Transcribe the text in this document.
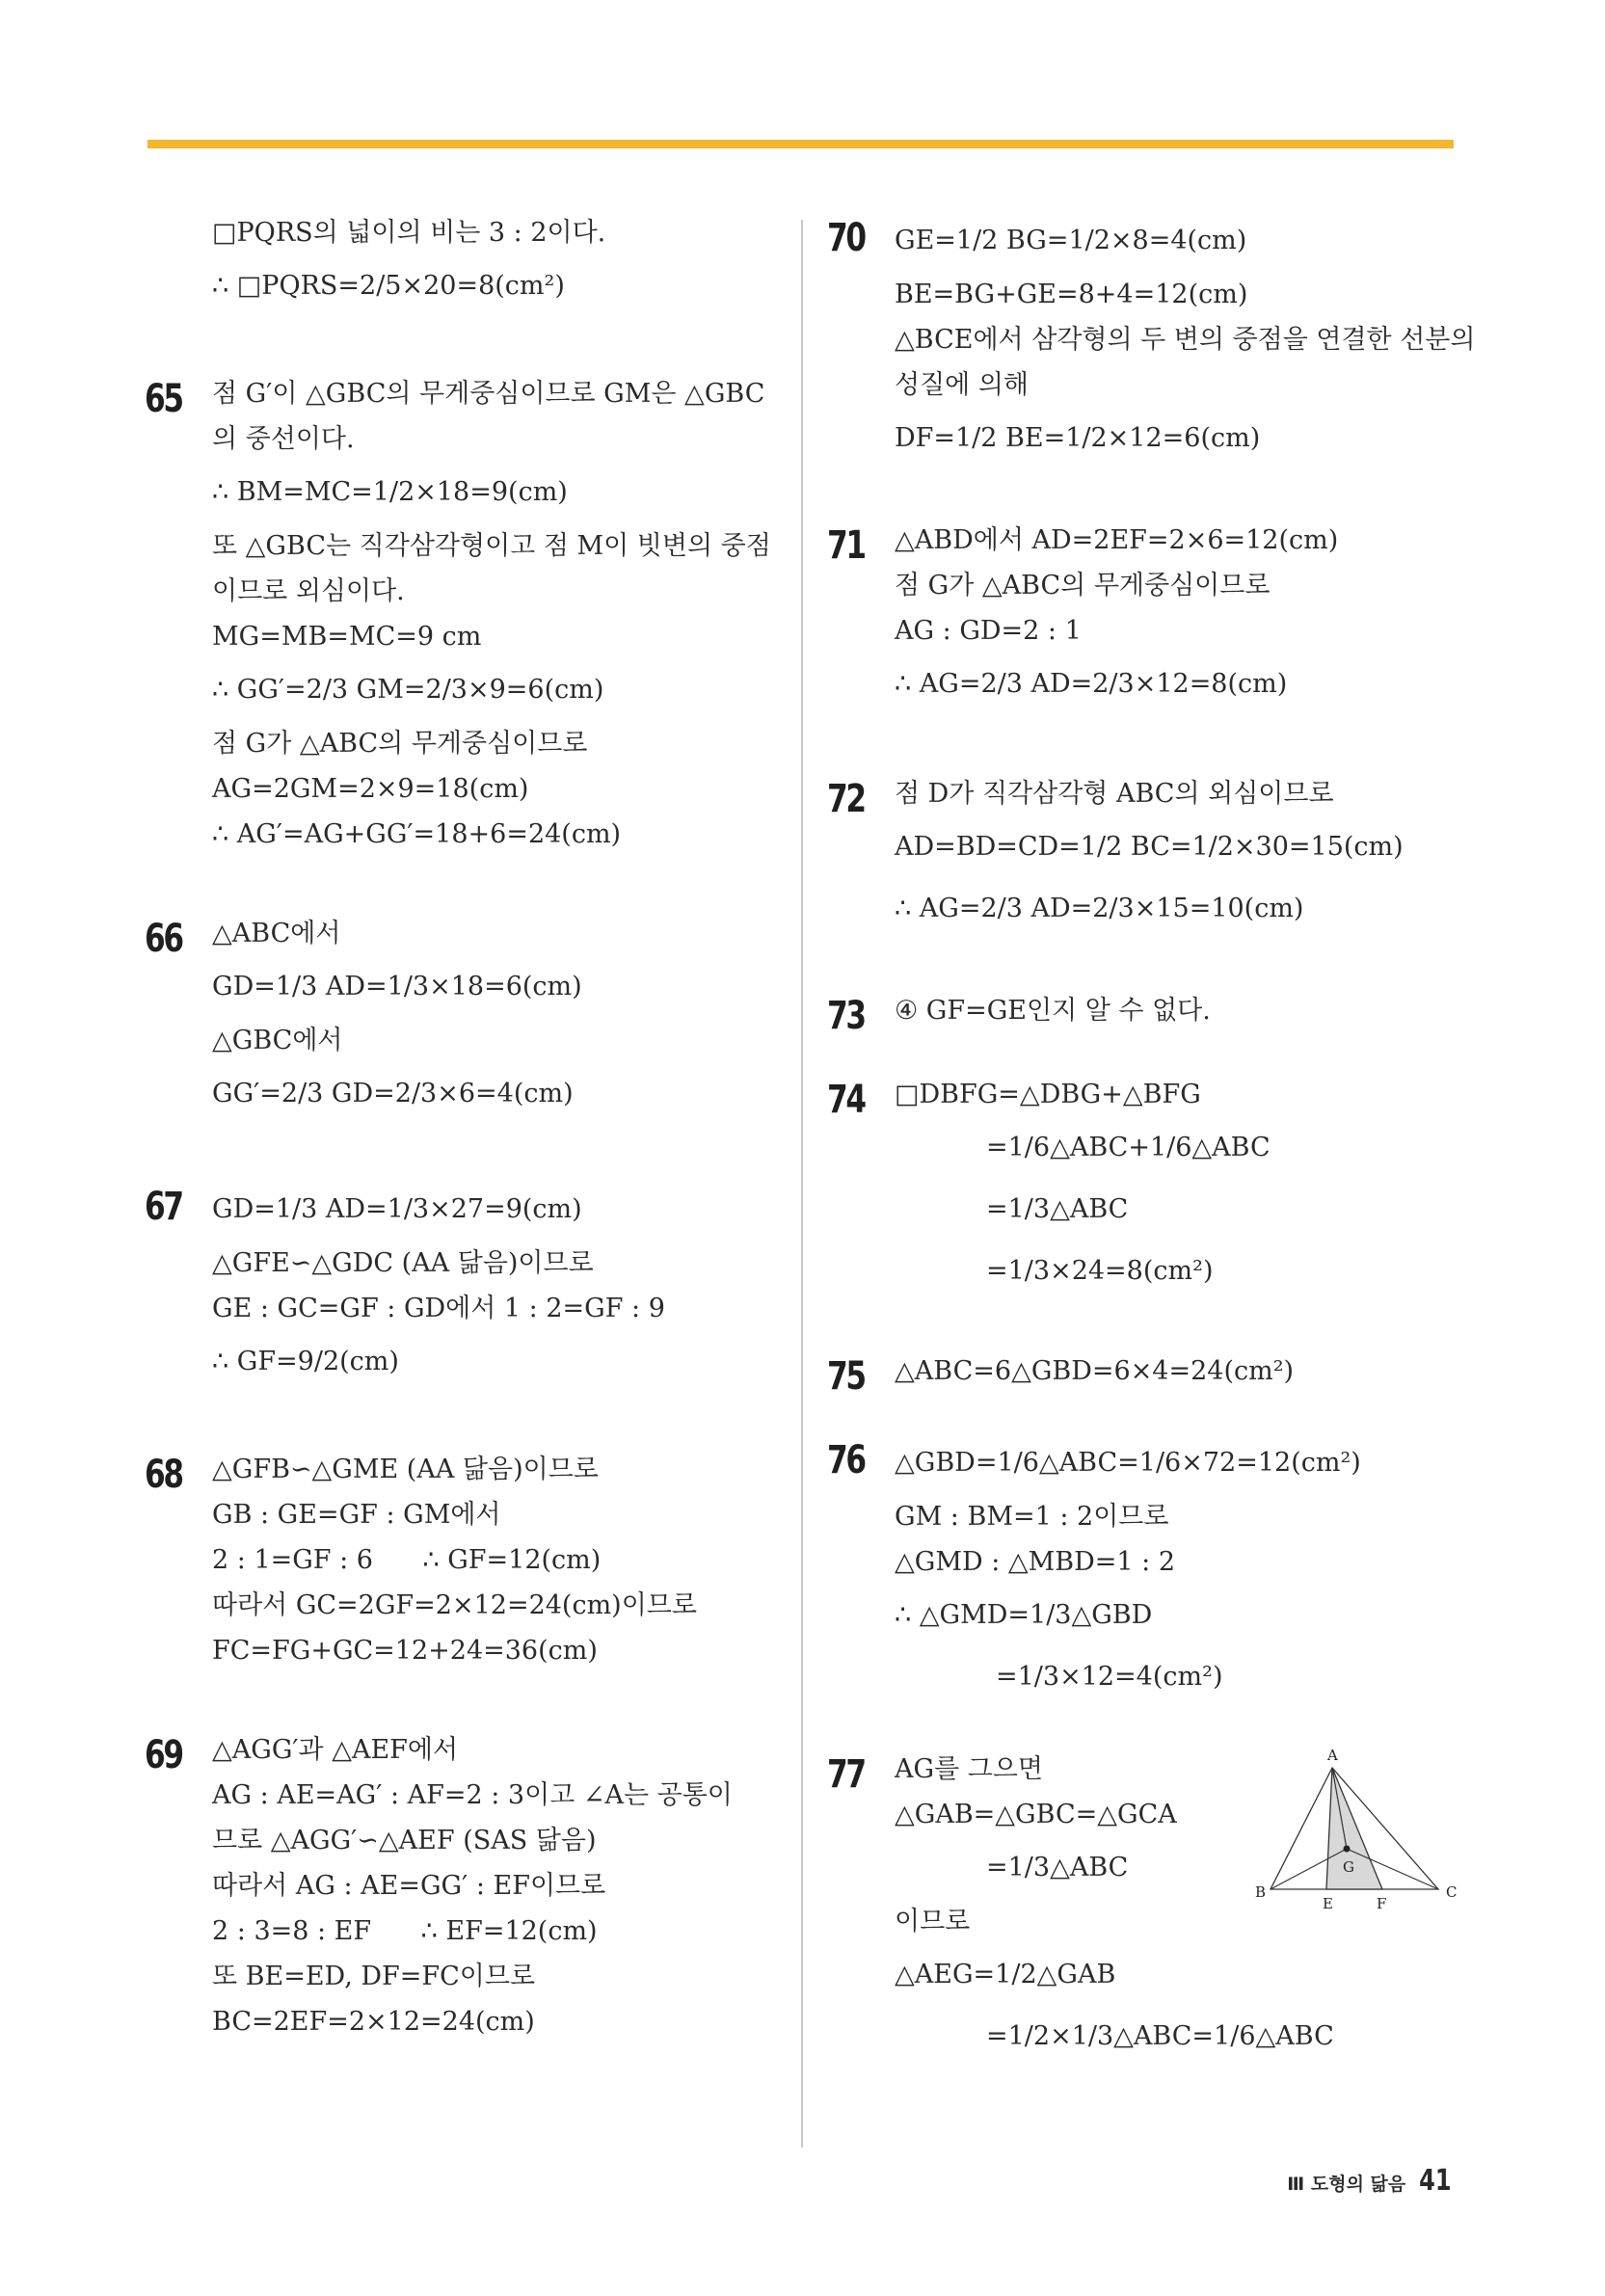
□PQRS의 넓이의 비는 3 : 2이다.
∴ □PQRS=2/5×20=8(cm²)
65 점 G′이 △GBC의 무게중심이므로 GM은 △GBC
의 중선이다.
∴ BM=MC=1/2×18=9(cm)
또 △GBC는 직각삼각형이고 점 M이 빗변의 중점
이므로 외심이다.
MG=MB=MC=9 cm
∴ GG′=2/3 GM=2/3×9=6(cm)
점 G가 △ABC의 무게중심이므로
AG=2GM=2×9=18(cm)
∴ AG′=AG+GG′=18+6=24(cm)
66 △ABC에서
GD=1/3 AD=1/3×18=6(cm)
△GBC에서
GG′=2/3 GD=2/3×6=4(cm)
67 GD=1/3 AD=1/3×27=9(cm)
△GFE∽△GDC (AA 닮음)이므로
GE : GC=GF : GD에서 1 : 2=GF : 9
∴ GF=9/2(cm)
68 △GFB∽△GME (AA 닮음)이므로
GB : GE=GF : GM에서
2 : 1=GF : 6      ∴ GF=12(cm)
따라서 GC=2GF=2×12=24(cm)이므로
FC=FG+GC=12+24=36(cm)
69 △AGG′과 △AEF에서
AG : AE=AG′ : AF=2 : 3이고 ∠A는 공통이
므로 △AGG′∽△AEF (SAS 닮음)
따라서 AG : AE=GG′ : EF이므로
2 : 3=8 : EF      ∴ EF=12(cm)
또 BE=ED, DF=FC이므로
BC=2EF=2×12=24(cm)
70 GE=1/2 BG=1/2×8=4(cm)
BE=BG+GE=8+4=12(cm)
△BCE에서 삼각형의 두 변의 중점을 연결한 선분의
성질에 의해
DF=1/2 BE=1/2×12=6(cm)
71 △ABD에서 AD=2EF=2×6=12(cm)
점 G가 △ABC의 무게중심이므로
AG : GD=2 : 1
∴ AG=2/3 AD=2/3×12=8(cm)
72 점 D가 직각삼각형 ABC의 외심이므로
AD=BD=CD=1/2 BC=1/2×30=15(cm)
∴ AG=2/3 AD=2/3×15=10(cm)
73 ④ GF=GE인지 알 수 없다.
74 □DBFG=△DBG+△BFG
=1/6△ABC+1/6△ABC
=1/3△ABC
=1/3×24=8(cm²)
75 △ABC=6△GBD=6×4=24(cm²)
76 △GBD=1/6△ABC=1/6×72=12(cm²)
GM : BM=1 : 2이므로
△GMD : △MBD=1 : 2
∴ △GMD=1/3△GBD
=1/3×12=4(cm²)
77 AG를 그으면
△GAB=△GBC=△GCA
=1/3△ABC
이므로
△AEG=1/2△GAB
=1/2×1/3△ABC=1/6△ABC
A
B	C
E	F
G
Ⅲ 도형의 닮음 41
